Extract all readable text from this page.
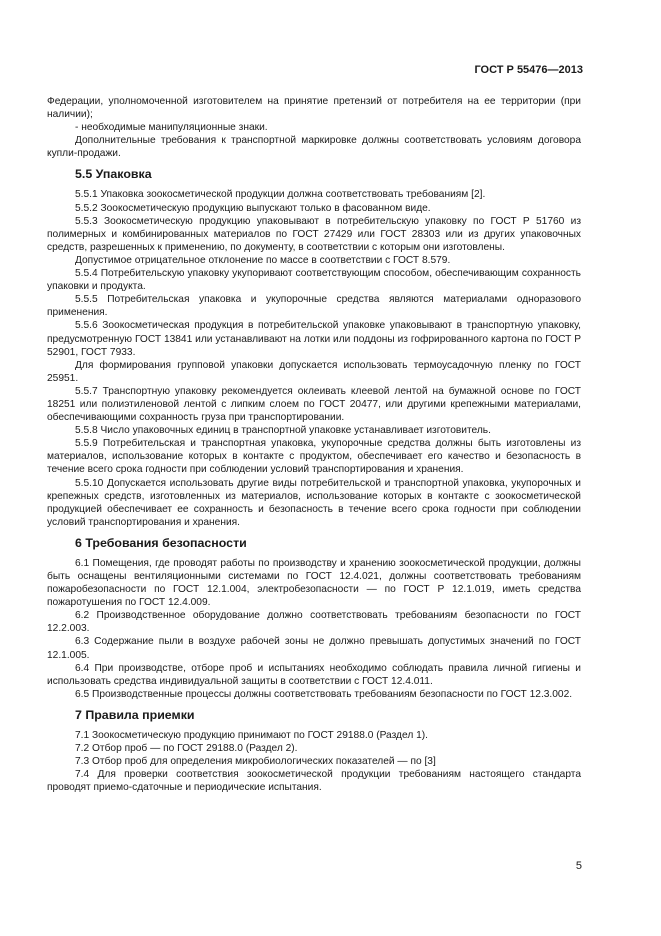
ГОСТ Р 55476—2013

Федерации, уполномоченной изготовителем на принятие претензий от потребителя на ее территории (при наличии);

- необходимые манипуляционные знаки.

Дополнительные требования к транспортной маркировке должны соответствовать условиям договора купли-продажи.

5.5 Упаковка

5.5.1 Упаковка зоокосметической продукции должна соответствовать требованиям [2].

5.5.2 Зоокосметическую продукцию выпускают только в фасованном виде.

5.5.3 Зоокосметическую продукцию упаковывают в потребительскую упаковку по ГОСТ Р 51760 из полимерных и комбинированных материалов по ГОСТ 27429 или ГОСТ 28303 или из других упаковочных средств, разрешенных к применению, по документу, в соответствии с которым они изготовлены.

Допустимое отрицательное отклонение по массе в соответствии с ГОСТ 8.579.

5.5.4 Потребительскую упаковку укупоривают соответствующим способом, обеспечивающим сохранность упаковки и продукта.

5.5.5 Потребительская упаковка и укупорочные средства являются материалами одноразового применения.

5.5.6 Зоокосметическая продукция в потребительской упаковке упаковывают в транспортную упаковку, предусмотренную ГОСТ 13841 или устанавливают на лотки или поддоны из гофрированного картона по ГОСТ Р 52901, ГОСТ 7933.

Для формирования групповой упаковки допускается использовать термоусадочную пленку по ГОСТ 25951.

5.5.7 Транспортную упаковку рекомендуется оклеивать клеевой лентой на бумажной основе по ГОСТ 18251 или полиэтиленовой лентой с липким слоем по ГОСТ 20477, или другими крепежными материалами, обеспечивающими сохранность груза при транспортировании.

5.5.8 Число упаковочных единиц в транспортной упаковке устанавливает изготовитель.

5.5.9 Потребительская и транспортная упаковка, укупорочные средства должны быть изготовлены из материалов, использование которых в контакте с продуктом, обеспечивает его качество и безопасность в течение всего срока годности при соблюдении условий транспортирования и хранения.

5.5.10 Допускается использовать другие виды потребительской и транспортной упаковка, укупорочных и крепежных средств, изготовленных из материалов, использование которых в контакте с зоокосметической продукцией обеспечивает ее сохранность и безопасность в течение всего срока годности при соблюдении условий транспортирования и хранения.

6 Требования безопасности

6.1 Помещения, где проводят работы по производству и хранению зоокосметической продукции, должны быть оснащены вентиляционными системами по ГОСТ 12.4.021, должны соответствовать требованиям пожаробезопасности по ГОСТ 12.1.004, электробезопасности — по ГОСТ Р 12.1.019, иметь средства пожаротушения по ГОСТ 12.4.009.

6.2 Производственное оборудование должно соответствовать требованиям безопасности по ГОСТ 12.2.003.

6.3 Содержание пыли в воздухе рабочей зоны не должно превышать допустимых значений по ГОСТ 12.1.005.

6.4 При производстве, отборе проб и испытаниях необходимо соблюдать правила личной гигиены и использовать средства индивидуальной защиты в соответствии с ГОСТ 12.4.011.

6.5 Производственные процессы должны соответствовать требованиям безопасности по ГОСТ 12.3.002.

7 Правила приемки

7.1 Зоокосметическую продукцию принимают по ГОСТ 29188.0 (Раздел 1).

7.2 Отбор проб — по ГОСТ 29188.0 (Раздел 2).

7.3 Отбор проб для определения микробиологических показателей — по [3]

7.4 Для проверки соответствия зоокосметической продукции требованиям настоящего стандарта проводят приемо-сдаточные и периодические испытания.

5
